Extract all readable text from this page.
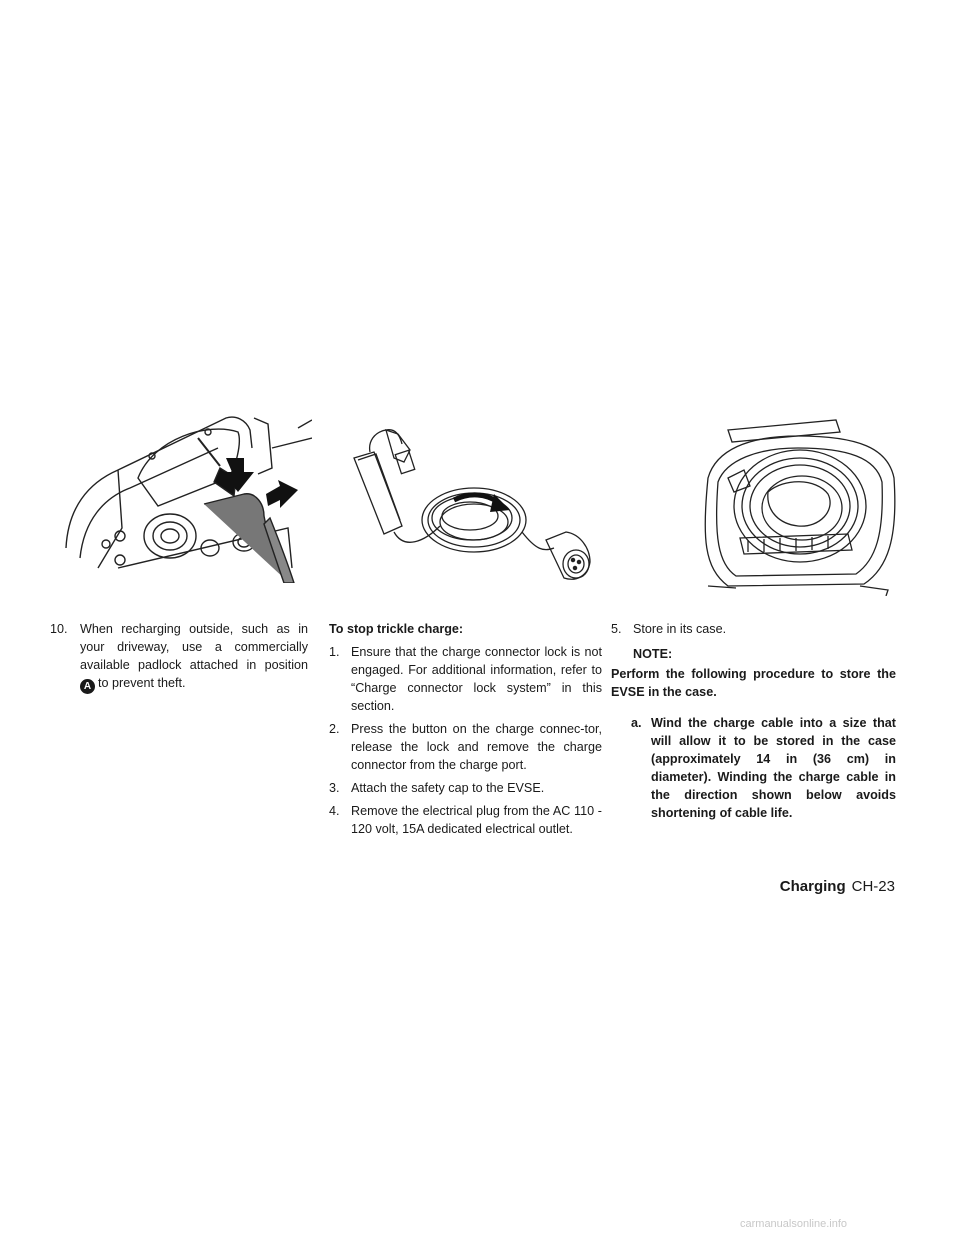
10. When recharging outside, such as in your driveway, use a commercially available padlock attached in position A to prevent theft.

To stop trickle charge:

1. Ensure that the charge connector lock is not engaged. For additional information, refer to “Charge connector lock system” in this section.

2. Press the button on the charge connec-tor, release the lock and remove the charge connector from the charge port.

3. Attach the safety cap to the EVSE.

4. Remove the electrical plug from the AC 110 - 120 volt, 15A dedicated electrical outlet.

5. Store in its case.

NOTE:

Perform the following procedure to store the EVSE in the case.

a. Wind the charge cable into a size that will allow it to be stored in the case (approximately 14 in (36 cm) in diameter). Winding the charge cable in the direction shown below avoids shortening of cable life.

Charging CH-23
carmanualsonline.info
